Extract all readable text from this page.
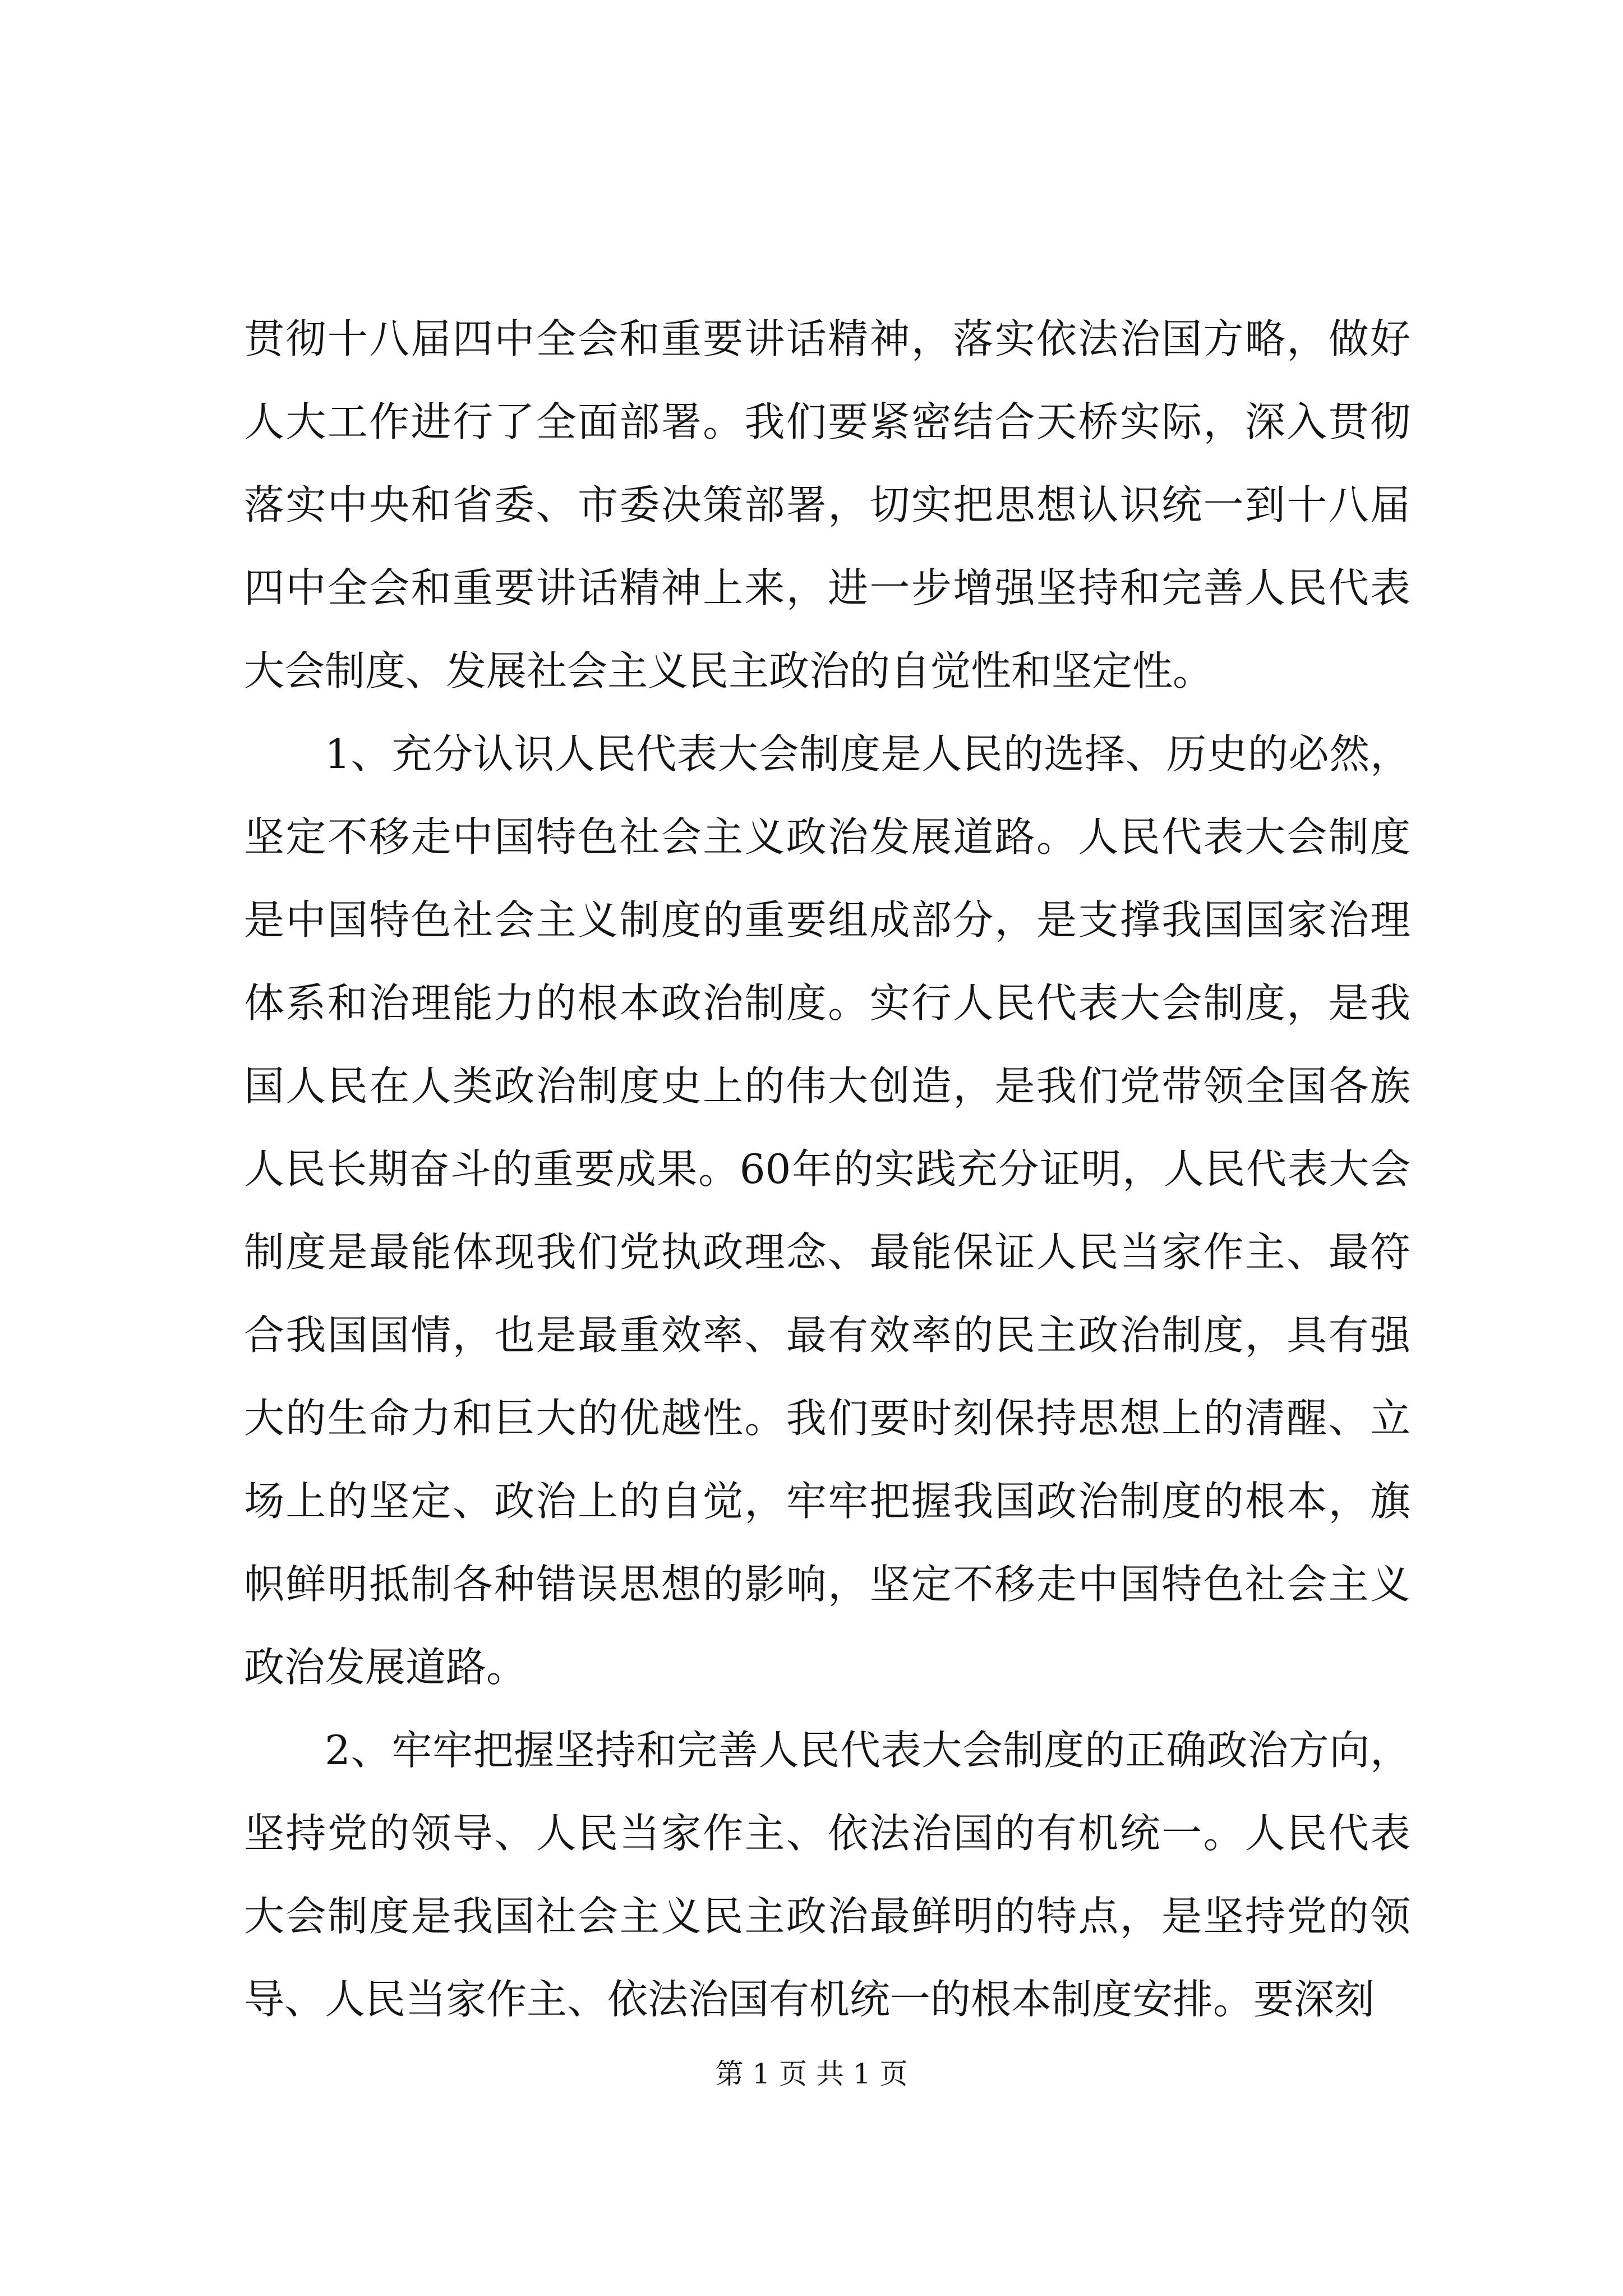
贯彻十八届四中全会和重要讲话精神，落实依法治国方略，做好人大工作进行了全面部署。我们要紧密结合天桥实际，深入贯彻落实中央和省委、市委决策部署，切实把思想认识统一到十八届四中全会和重要讲话精神上来，进一步增强坚持和完善人民代表大会制度、发展社会主义民主政治的自觉性和坚定性。

1、充分认识人民代表大会制度是人民的选择、历史的必然，坚定不移走中国特色社会主义政治发展道路。人民代表大会制度是中国特色社会主义制度的重要组成部分，是支撑我国国家治理体系和治理能力的根本政治制度。实行人民代表大会制度，是我国人民在人类政治制度史上的伟大创造，是我们党带领全国各族人民长期奋斗的重要成果。60年的实践充分证明，人民代表大会制度是最能体现我们党执政理念、最能保证人民当家作主、最符合我国国情，也是最重效率、最有效率的民主政治制度，具有强大的生命力和巨大的优越性。我们要时刻保持思想上的清醒、立场上的坚定、政治上的自觉，牢牢把握我国政治制度的根本，旗帜鲜明抵制各种错误思想的影响，坚定不移走中国特色社会主义政治发展道路。

2、牢牢把握坚持和完善人民代表大会制度的正确政治方向，坚持党的领导、人民当家作主、依法治国的有机统一。人民代表大会制度是我国社会主义民主政治最鲜明的特点，是坚持党的领导、人民当家作主、依法治国有机统一的根本制度安排。要深刻

第 1 页 共 1 页
